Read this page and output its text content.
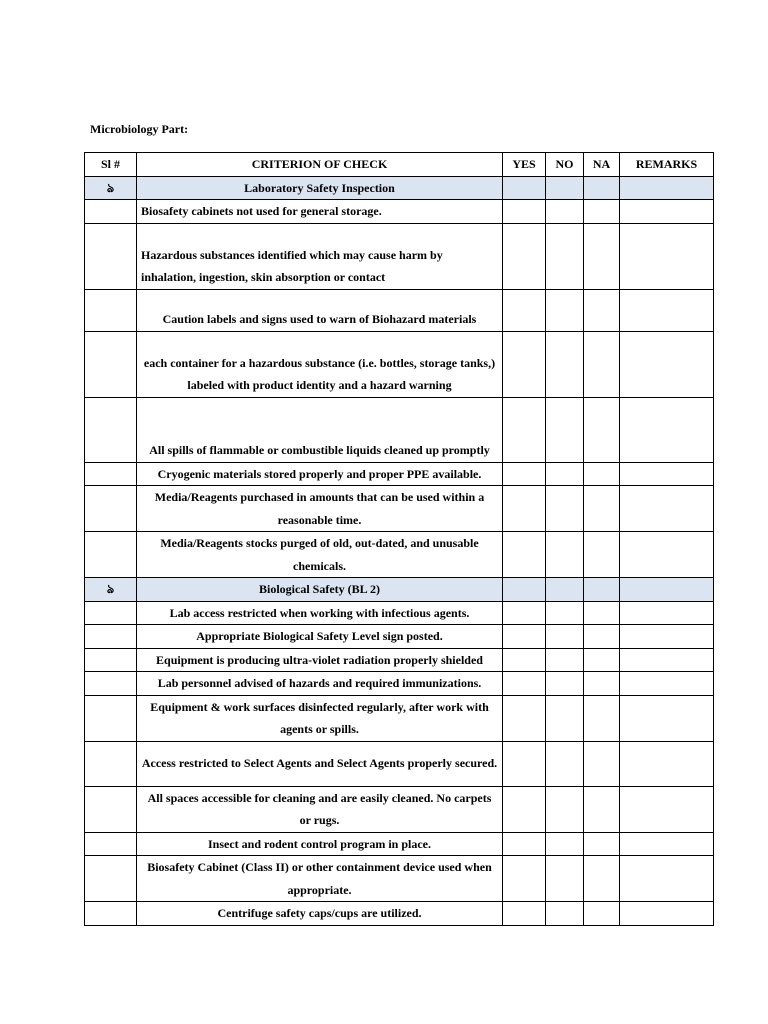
Microbiology Part:
Sl #	CRITERION OF CHECK	YES	NO	NA	REMARKS
ঌ	Laboratory Safety Inspection				
	Biosafety cabinets not used for general storage.				
	Hazardous substances identified which may cause harm by inhalation, ingestion, skin absorption or contact				
	Caution labels and signs used to warn of Biohazard materials				
	each container for a hazardous substance (i.e. bottles, storage tanks,) labeled with product identity and a hazard warning				
	All spills of flammable or combustible liquids cleaned up promptly				
	Cryogenic materials stored properly and proper PPE available.				
	Media/Reagents purchased in amounts that can be used within a reasonable time.				
	Media/Reagents stocks purged of old, out-dated, and unusable chemicals.				
ঌ	Biological Safety (BL 2)				
	Lab access restricted when working with infectious agents.				
	Appropriate Biological Safety Level sign posted.				
	Equipment is producing ultra-violet radiation properly shielded				
	Lab personnel advised of hazards and required immunizations.				
	Equipment & work surfaces disinfected regularly, after work with agents or spills.				
	Access restricted to Select Agents and Select Agents properly secured.				
	All spaces accessible for cleaning and are easily cleaned. No carpets or rugs.				
	Insect and rodent control program in place.				
	Biosafety Cabinet (Class II) or other containment device used when appropriate.				
	Centrifuge safety caps/cups are utilized.				
